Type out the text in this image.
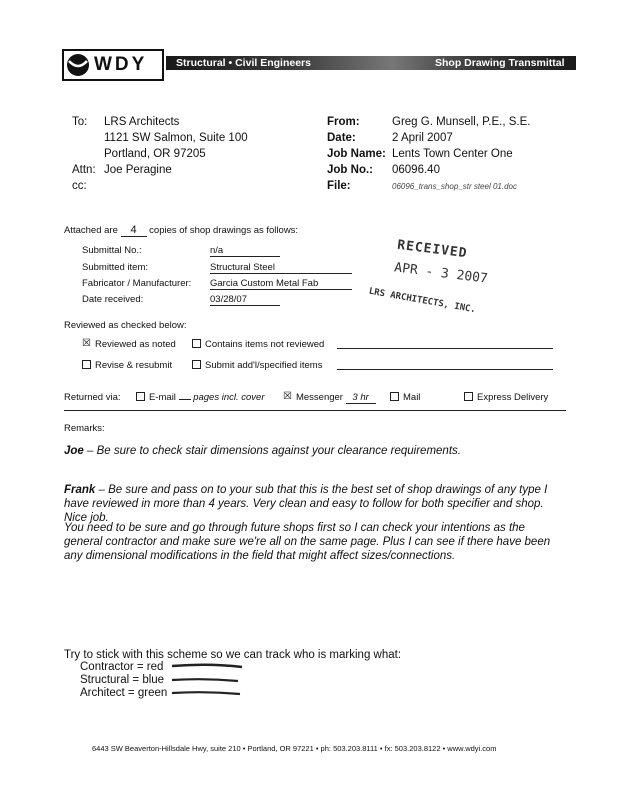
WDY	Structural • Civil Engineers	Shop Drawing Transmittal
To: LRS Architects
1121 SW Salmon, Suite 100
Portland, OR 97205
Attn: Joe Peragine
cc:
From:	Greg G. Munsell, P.E., S.E.
Date:	2 April 2007
Job Name: Lents Town Center One
Job No.: 06096.40
File:	06096_trans_shop_str steel 01.doc
Attached are 4 copies of shop drawings as follows:
Submittal No.:	n/a
Submitted item:	Structural Steel
Fabricator / Manufacturer: Garcia Custom Metal Fab
Date received:	03/28/07
RECEIVED
APR - 3 2007
LRS ARCHITECTS, INC.
Reviewed as checked below:
☒ Reviewed as noted	Contains items not reviewed
Revise & resubmit	Submit add'l/specified items
Returned via:	E-mail pages incl. cover ☒ Messenger 3 hr	Mail	Express Delivery
Remarks:
Joe – Be sure to check stair dimensions against your clearance requirements.
Frank – Be sure and pass on to your sub that this is the best set of shop drawings of any type I have reviewed in more than 4 years. Very clean and easy to follow for both specifier and shop. Nice job.
You need to be sure and go through future shops first so I can check your intentions as the general contractor and make sure we're all on the same page. Plus I can see if there have been any dimensional modifications in the field that might affect sizes/connections.
Try to stick with this scheme so we can track who is marking what:
Contractor = red
Structural = blue
Architect = green
6443 SW Beaverton-Hillsdale Hwy, suite 210 • Portland, OR 97221 • ph: 503.203.8111 • fx: 503.203.8122 • www.wdyi.com
